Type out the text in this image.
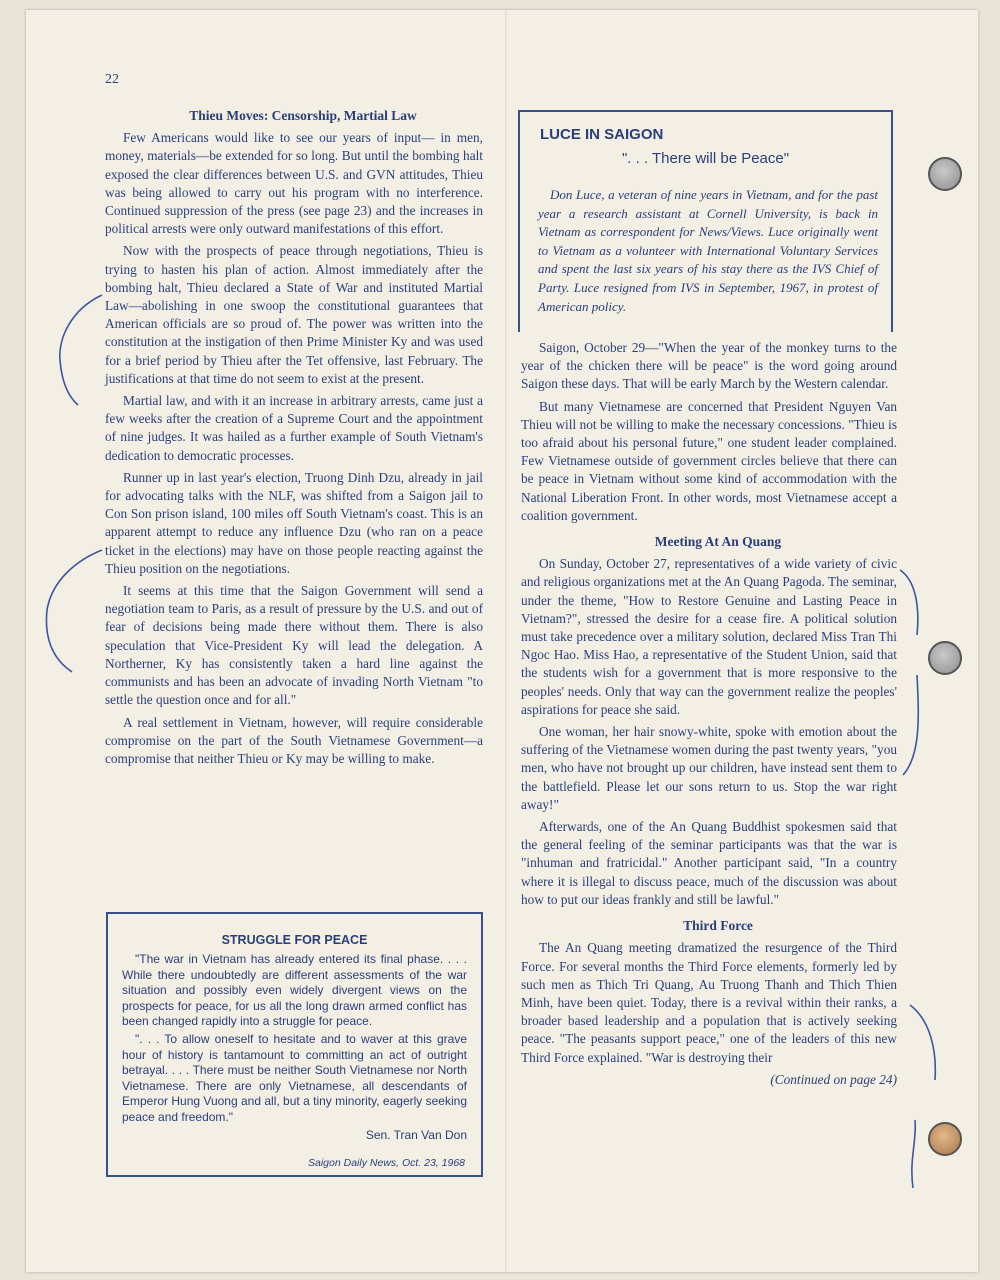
22

Thieu Moves: Censorship, Martial Law

Few Americans would like to see our years of input— in men, money, materials—be extended for so long. But until the bombing halt exposed the clear differences between U.S. and GVN attitudes, Thieu was being allowed to carry out his program with no interference. Continued suppression of the press (see page 23) and the increases in political arrests were only outward manifestations of this effort.

Now with the prospects of peace through negotiations, Thieu is trying to hasten his plan of action. Almost immediately after the bombing halt, Thieu declared a State of War and instituted Martial Law—abolishing in one swoop the constitutional guarantees that American officials are so proud of. The power was written into the constitution at the instigation of then Prime Minister Ky and was used for a brief period by Thieu after the Tet offensive, last February. The justifications at that time do not seem to exist at the present.

Martial law, and with it an increase in arbitrary arrests, came just a few weeks after the creation of a Supreme Court and the appointment of nine judges. It was hailed as a further example of South Vietnam's dedication to democratic processes.

Runner up in last year's election, Truong Dinh Dzu, already in jail for advocating talks with the NLF, was shifted from a Saigon jail to Con Son prison island, 100 miles off South Vietnam's coast. This is an apparent attempt to reduce any influence Dzu (who ran on a peace ticket in the elections) may have on those people reacting against the Thieu position on the negotiations.

It seems at this time that the Saigon Government will send a negotiation team to Paris, as a result of pressure by the U.S. and out of fear of decisions being made there without them. There is also speculation that Vice-President Ky will lead the delegation. A Northerner, Ky has consistently taken a hard line against the communists and has been an advocate of invading North Vietnam "to settle the question once and for all."

A real settlement in Vietnam, however, will require considerable compromise on the part of the South Vietnamese Government—a compromise that neither Thieu or Ky may be willing to make.

STRUGGLE FOR PEACE

"The war in Vietnam has already entered its final phase. . . . While there undoubtedly are different assessments of the war situation and possibly even widely divergent views on the prospects for peace, for us all the long drawn armed conflict has been changed rapidly into a struggle for peace.

". . . To allow oneself to hesitate and to waver at this grave hour of history is tantamount to committing an act of outright betrayal. . . . There must be neither South Vietnamese nor North Vietnamese. There are only Vietnamese, all descendants of Emperor Hung Vuong and all, but a tiny minority, eagerly seeking peace and freedom."

Sen. Tran Van Don
Saigon Daily News, Oct. 23, 1968
LUCE IN SAIGON
". . . There will be Peace"
Don Luce, a veteran of nine years in Vietnam, and for the past year a research assistant at Cornell University, is back in Vietnam as correspondent for News/Views. Luce originally went to Vietnam as a volunteer with International Voluntary Services and spent the last six years of his stay there as the IVS Chief of Party. Luce resigned from IVS in September, 1967, in protest of American policy.

Saigon, October 29—"When the year of the monkey turns to the year of the chicken there will be peace" is the word going around Saigon these days. That will be early March by the Western calendar.

But many Vietnamese are concerned that President Nguyen Van Thieu will not be willing to make the necessary concessions. "Thieu is too afraid about his personal future," one student leader complained. Few Vietnamese outside of government circles believe that there can be peace in Vietnam without some kind of accommodation with the National Liberation Front. In other words, most Vietnamese accept a coalition government.

Meeting At An Quang

On Sunday, October 27, representatives of a wide variety of civic and religious organizations met at the An Quang Pagoda. The seminar, under the theme, "How to Restore Genuine and Lasting Peace in Vietnam?", stressed the desire for a cease fire. A political solution must take precedence over a military solution, declared Miss Tran Thi Ngoc Hao. Miss Hao, a representative of the Student Union, said that the students wish for a government that is more responsive to the peoples' needs. Only that way can the government realize the peoples' aspirations for peace she said.

One woman, her hair snowy-white, spoke with emotion about the suffering of the Vietnamese women during the past twenty years, "you men, who have not brought up our children, have instead sent them to the battlefield. Please let our sons return to us. Stop the war right away!"

Afterwards, one of the An Quang Buddhist spokesmen said that the general feeling of the seminar participants was that the war is "inhuman and fratricidal." Another participant said, "In a country where it is illegal to discuss peace, much of the discussion was about how to put our ideas frankly and still be lawful."

Third Force

The An Quang meeting dramatized the resurgence of the Third Force. For several months the Third Force elements, formerly led by such men as Thich Tri Quang, Au Truong Thanh and Thich Thien Minh, have been quiet. Today, there is a revival within their ranks, a broader based leadership and a population that is actively seeking peace. "The peasants support peace," one of the leaders of this new Third Force explained. "War is destroying their

(Continued on page 24)
